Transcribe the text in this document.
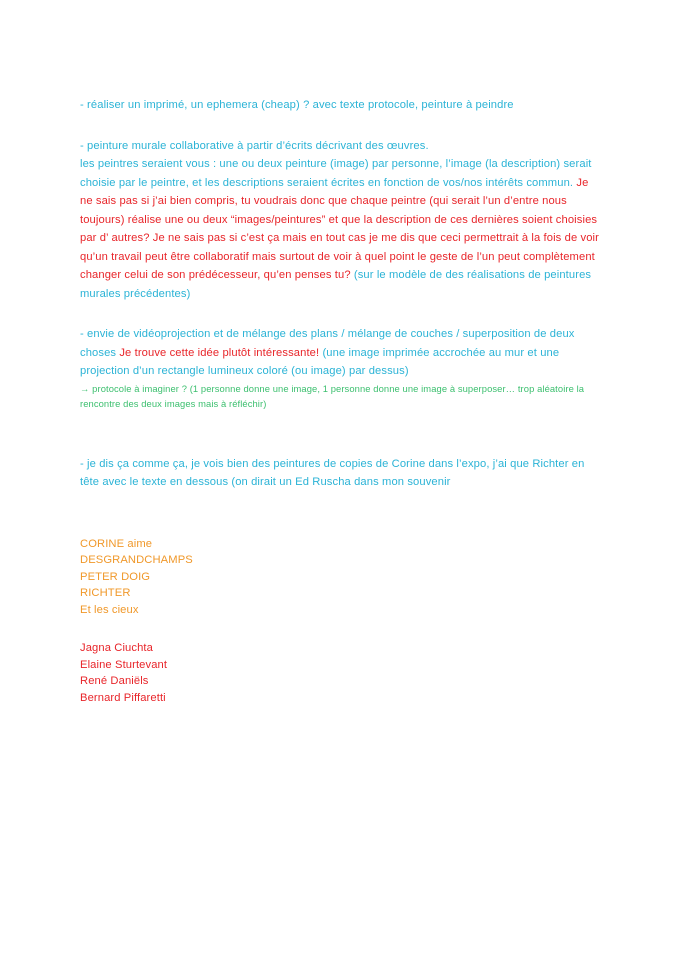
- réaliser un imprimé, un ephemera (cheap) ? avec texte protocole, peinture à peindre

- peinture murale collaborative à partir d’écrits décrivant des œuvres.
les peintres seraient vous : une ou deux peinture (image) par personne, l’image (la description) serait choisie par le peintre, et les descriptions seraient écrites en fonction de vos/nos intérêts commun. Je ne sais pas si j’ai bien compris, tu voudrais donc que chaque peintre (qui serait l’un d’entre nous toujours) réalise une ou deux “images/peintures” et que la description de ces dernières soient choisies par d’ autres? Je ne sais pas si c’est ça mais en tout cas je me dis que ceci permettrait à la fois de voir qu’un travail peut être collaboratif mais surtout de voir à quel point le geste de l’un peut complètement changer celui de son prédécesseur, qu’en penses tu? (sur le modèle de des réalisations de peintures murales précédentes)

- envie de vidéoprojection et de mélange des plans / mélange de couches / superposition de deux choses Je trouve cette idée plutôt intéressante! (une image imprimée accrochée au mur et une projection d’un rectangle lumineux coloré (ou image) par dessus)

→ protocole à imaginer ? (1 personne donne une image, 1 personne donne une image à superposer… trop aléatoire la rencontre des deux images mais à réfléchir)

- je dis ça comme ça, je vois bien des peintures de copies de Corine dans l’expo, j’ai que Richter en tête avec le texte en dessous (on dirait un Ed Ruscha dans mon souvenir

CORINE aime

DESGRANDCHAMPS

PETER DOIG

RICHTER

Et les cieux

Jagna Ciuchta

Elaine Sturtevant

René Daniëls

Bernard Piffaretti
